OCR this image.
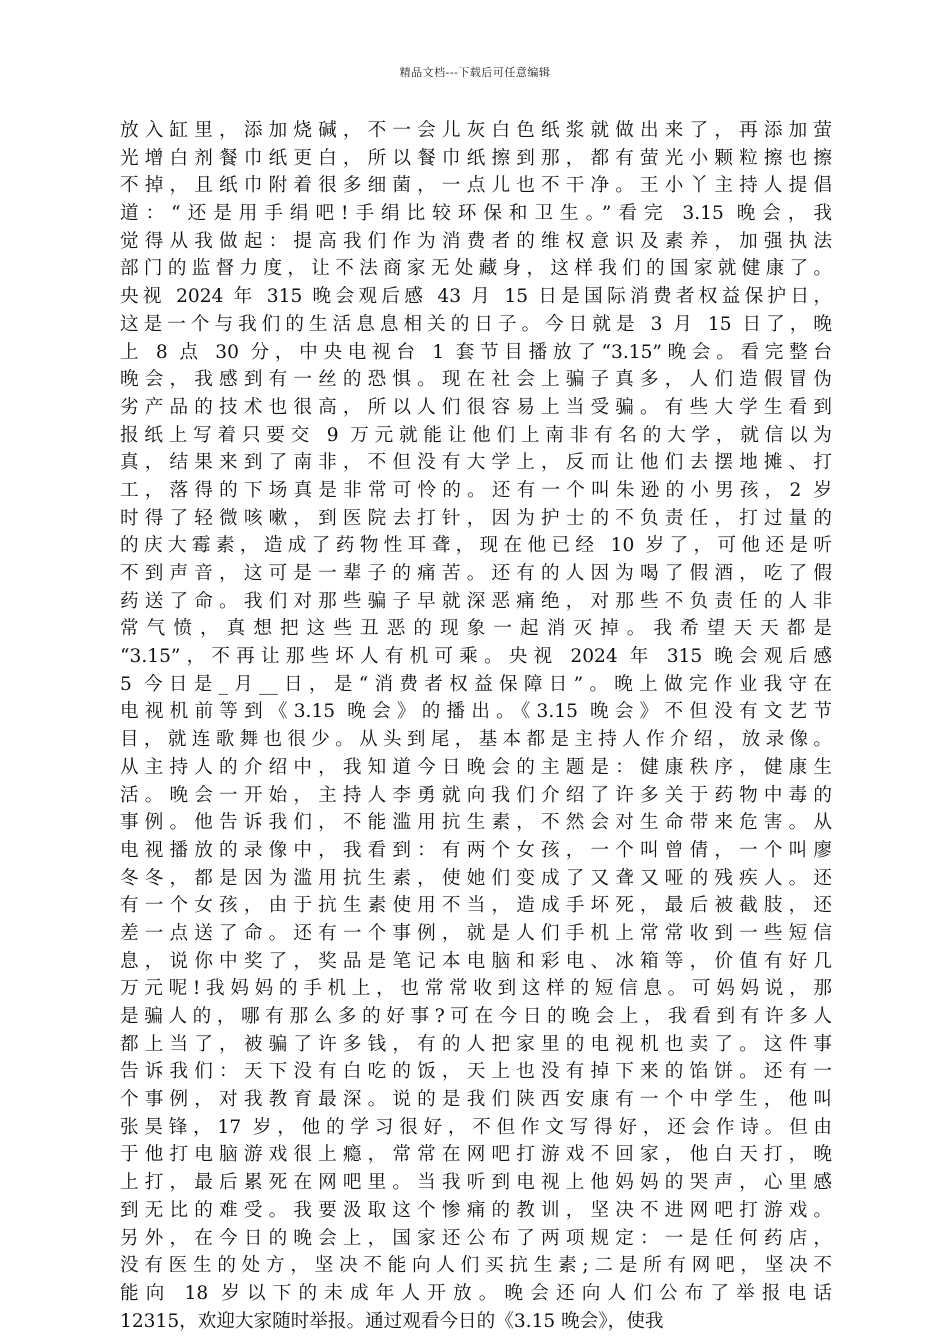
精品文档---下载后可任意编辑
放入缸里，添加烧碱，不一会儿灰白色纸浆就做出来了，再添加萤
光增白剂餐巾纸更白，所以餐巾纸擦到那，都有萤光小颗粒擦也擦
不掉，且纸巾附着很多细菌，一点儿也不干净。王小丫主持人提倡
道：“还是用手绢吧!手绢比较环保和卫生。”看完 3.15 晚会，我
觉得从我做起：提高我们作为消费者的维权意识及素养，加强执法
部门的监督力度，让不法商家无处藏身，这样我们的国家就健康了。
央视 2024 年 315 晚会观后感 43 月 15 日是国际消费者权益保护日，
这是一个与我们的生活息息相关的日子。今日就是 3 月 15 日了，晚
上 8 点 30 分，中央电视台 1 套节目播放了“3.15”晚会。看完整台
晚会，我感到有一丝的恐惧。现在社会上骗子真多，人们造假冒伪
劣产品的技术也很高，所以人们很容易上当受骗。有些大学生看到
报纸上写着只要交 9 万元就能让他们上南非有名的大学，就信以为
真，结果来到了南非，不但没有大学上，反而让他们去摆地摊、打
工，落得的下场真是非常可怜的。还有一个叫朱逊的小男孩，2 岁
时得了轻微咳嗽，到医院去打针，因为护士的不负责任，打过量的
的庆大霉素，造成了药物性耳聋，现在他已经 10 岁了，可他还是听
不到声音，这可是一辈子的痛苦。还有的人因为喝了假酒，吃了假
药送了命。我们对那些骗子早就深恶痛绝，对那些不负责任的人非
常气愤，真想把这些丑恶的现象一起消灭掉。我希望天天都是
“3.15”，不再让那些坏人有机可乘。央视 2024 年 315 晚会观后感
5 今日是_月__日，是“消费者权益保障日”。晚上做完作业我守在
电视机前等到《3.15 晚会》的播出。《3.15 晚会》不但没有文艺节
目，就连歌舞也很少。从头到尾，基本都是主持人作介绍，放录像。
从主持人的介绍中，我知道今日晚会的主题是：健康秩序，健康生
活。晚会一开始，主持人李勇就向我们介绍了许多关于药物中毒的
事例。他告诉我们，不能滥用抗生素，不然会对生命带来危害。从
电视播放的录像中，我看到：有两个女孩，一个叫曾倩，一个叫廖
冬冬，都是因为滥用抗生素，使她们变成了又聋又哑的残疾人。还
有一个女孩，由于抗生素使用不当，造成手坏死，最后被截肢，还
差一点送了命。还有一个事例，就是人们手机上常常收到一些短信
息，说你中奖了，奖品是笔记本电脑和彩电、冰箱等，价值有好几
万元呢!我妈妈的手机上，也常常收到这样的短信息。可妈妈说，那
是骗人的，哪有那么多的好事?可在今日的晚会上，我看到有许多人
都上当了，被骗了许多钱，有的人把家里的电视机也卖了。这件事
告诉我们：天下没有白吃的饭，天上也没有掉下来的馅饼。还有一
个事例，对我教育最深。说的是我们陕西安康有一个中学生，他叫
张昊锋，17 岁，他的学习很好，不但作文写得好，还会作诗。但由
于他打电脑游戏很上瘾，常常在网吧打游戏不回家，他白天打，晚
上打，最后累死在网吧里。当我听到电视上他妈妈的哭声，心里感
到无比的难受。我要汲取这个惨痛的教训，坚决不进网吧打游戏。
另外，在今日的晚会上，国家还公布了两项规定：一是任何药店，
没有医生的处方，坚决不能向人们买抗生素;二是所有网吧，坚决不
能向 18 岁以下的未成年人开放。晚会还向人们公布了举报电话
12315，欢迎大家随时举报。通过观看今日的《3.15 晚会》，使我
